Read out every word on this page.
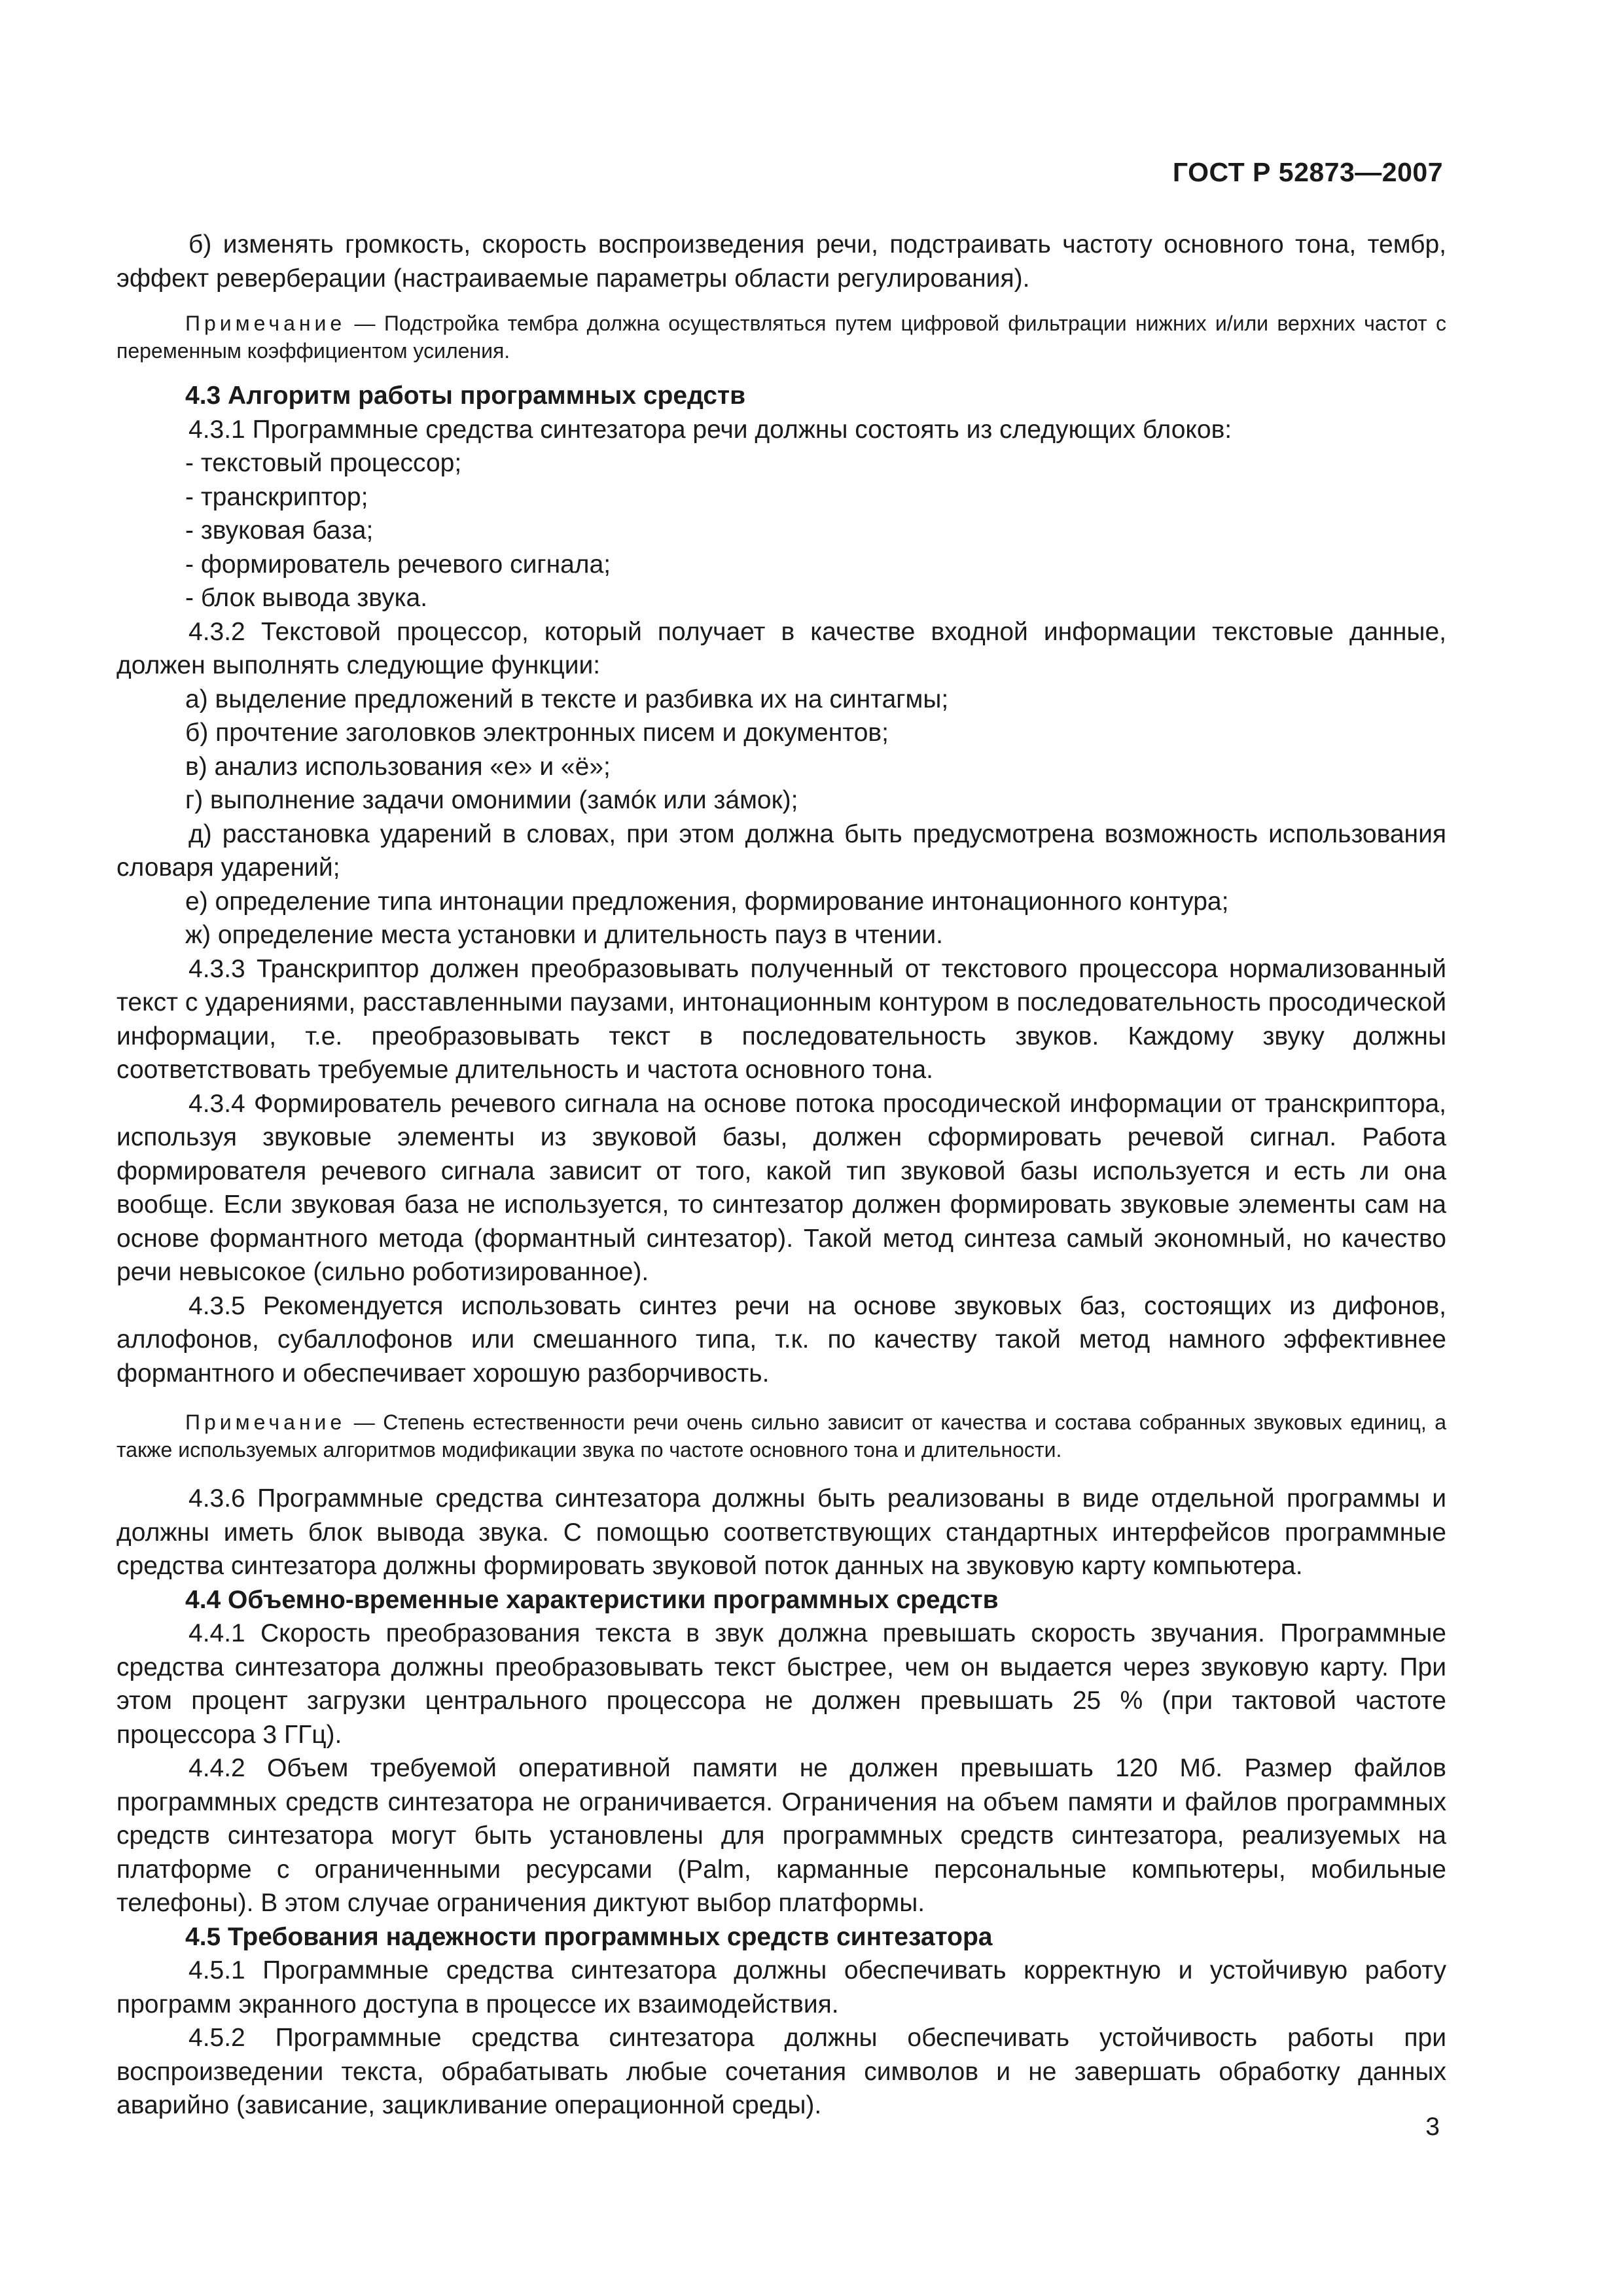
ГОСТ Р 52873—2007

б) изменять громкость, скорость воспроизведения речи, подстраивать частоту основного тона, тембр, эффект реверберации (настраиваемые параметры области регулирования).

Примечание — Подстройка тембра должна осуществляться путем цифровой фильтрации нижних и/или верхних частот с переменным коэффициентом усиления.

4.3 Алгоритм работы программных средств

4.3.1 Программные средства синтезатора речи должны состоять из следующих блоков:

- текстовый процессор;

- транскриптор;

- звуковая база;

- формирователь речевого сигнала;

- блок вывода звука.

4.3.2 Текстовой процессор, который получает в качестве входной информации текстовые данные, должен выполнять следующие функции:

а) выделение предложений в тексте и разбивка их на синтагмы;

б) прочтение заголовков электронных писем и документов;

в) анализ использования «е» и «ё»;

г) выполнение задачи омонимии (замóк или зáмок);

д) расстановка ударений в словах, при этом должна быть предусмотрена возможность использования словаря ударений;

е) определение типа интонации предложения, формирование интонационного контура;

ж) определение места установки и длительность пауз в чтении.

4.3.3 Транскриптор должен преобразовывать полученный от текстового процессора нормализованный текст с ударениями, расставленными паузами, интонационным контуром в последовательность просодической информации, т.е. преобразовывать текст в последовательность звуков. Каждому звуку должны соответствовать требуемые длительность и частота основного тона.

4.3.4 Формирователь речевого сигнала на основе потока просодической информации от транскриптора, используя звуковые элементы из звуковой базы, должен сформировать речевой сигнал. Работа формирователя речевого сигнала зависит от того, какой тип звуковой базы используется и есть ли она вообще. Если звуковая база не используется, то синтезатор должен формировать звуковые элементы сам на основе формантного метода (формантный синтезатор). Такой метод синтеза самый экономный, но качество речи невысокое (сильно роботизированное).

4.3.5 Рекомендуется использовать синтез речи на основе звуковых баз, состоящих из дифонов, аллофонов, субаллофонов или смешанного типа, т.к. по качеству такой метод намного эффективнее формантного и обеспечивает хорошую разборчивость.

Примечание — Степень естественности речи очень сильно зависит от качества и состава собранных звуковых единиц, а также используемых алгоритмов модификации звука по частоте основного тона и длительности.

4.3.6 Программные средства синтезатора должны быть реализованы в виде отдельной программы и должны иметь блок вывода звука. С помощью соответствующих стандартных интерфейсов программные средства синтезатора должны формировать звуковой поток данных на звуковую карту компьютера.

4.4 Объемно-временные характеристики программных средств

4.4.1 Скорость преобразования текста в звук должна превышать скорость звучания. Программные средства синтезатора должны преобразовывать текст быстрее, чем он выдается через звуковую карту. При этом процент загрузки центрального процессора не должен превышать 25 % (при тактовой частоте процессора 3 ГГц).

4.4.2 Объем требуемой оперативной памяти не должен превышать 120 Мб. Размер файлов программных средств синтезатора не ограничивается. Ограничения на объем памяти и файлов программных средств синтезатора могут быть установлены для программных средств синтезатора, реализуемых на платформе с ограниченными ресурсами (Palm, карманные персональные компьютеры, мобильные телефоны). В этом случае ограничения диктуют выбор платформы.

4.5 Требования надежности программных средств синтезатора

4.5.1 Программные средства синтезатора должны обеспечивать корректную и устойчивую работу программ экранного доступа в процессе их взаимодействия.

4.5.2 Программные средства синтезатора должны обеспечивать устойчивость работы при воспроизведении текста, обрабатывать любые сочетания символов и не завершать обработку данных аварийно (зависание, зацикливание операционной среды).

3
